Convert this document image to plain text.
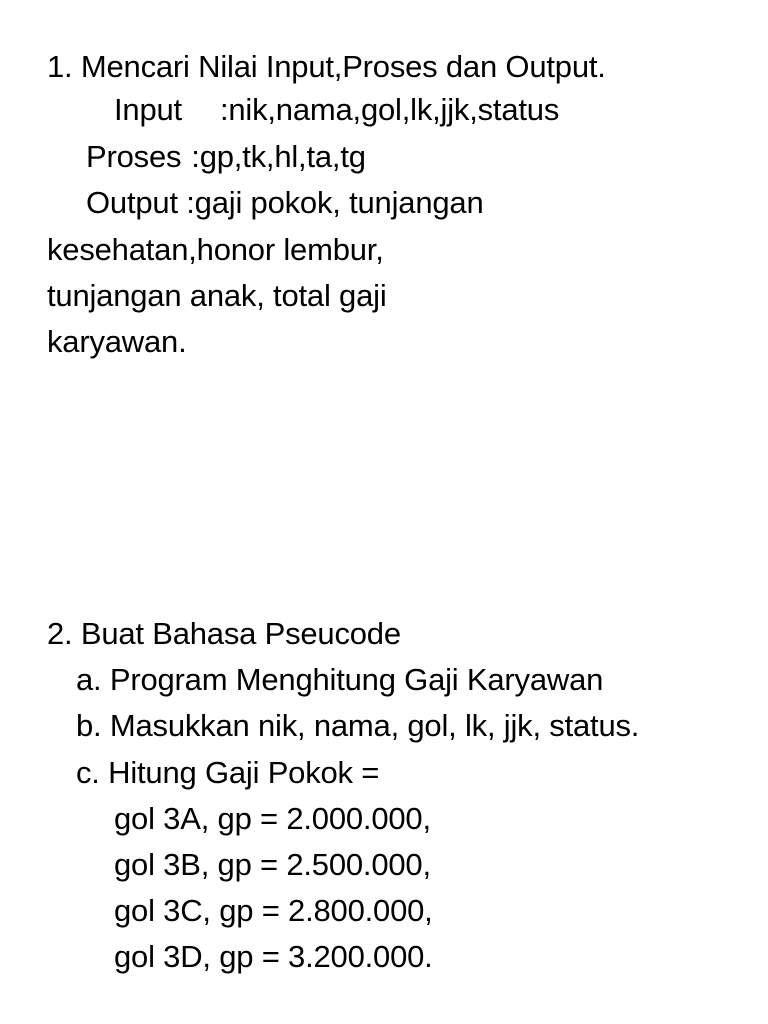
1. Mencari Nilai Input,Proses dan Output.
Input :nik,nama,gol,lk,jjk,status
Proses :gp,tk,hl,ta,tg
Output :gaji pokok, tunjangan
kesehatan,honor lembur,
tunjangan anak, total gaji
karyawan.
2. Buat Bahasa Pseucode
a. Program Menghitung Gaji Karyawan
b. Masukkan nik, nama, gol, lk, jjk, status.
c. Hitung Gaji Pokok =
gol 3A, gp = 2.000.000,
gol 3B, gp = 2.500.000,
gol 3C, gp = 2.800.000,
gol 3D, gp = 3.200.000.
